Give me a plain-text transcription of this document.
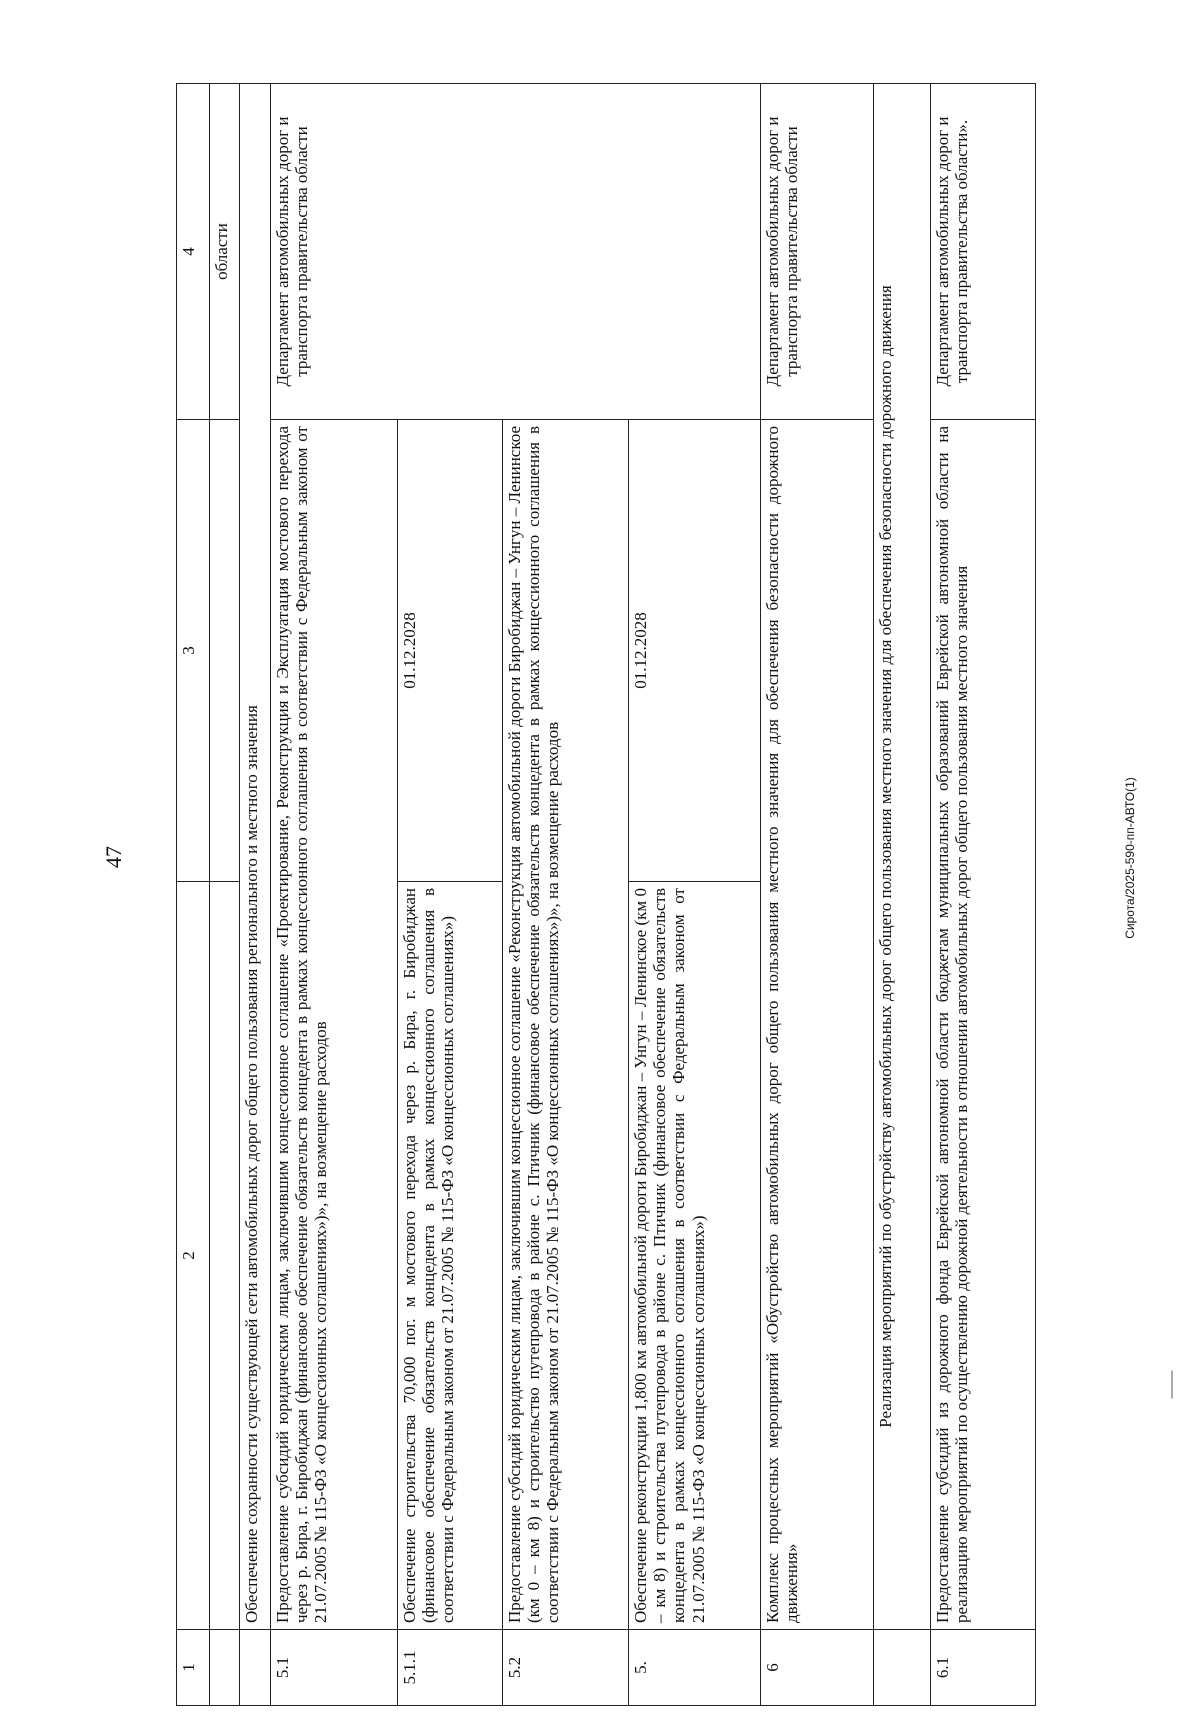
47
1	2	3	4
			области
	Обеспечение сохранности существующей сети автомобильных дорог общего пользования регионального и местного значения		
5.1	Предоставление субсидий юридическим лицам, заключившим концессионное соглашение «Проектирование, Реконструкция и Эксплуатация мостового перехода через р. Бира, г. Биробиджан (финансовое обеспечение обязательств концедента в рамках концессионного соглашения в соответствии с Федеральным законом от 21.07.2005 № 115-ФЗ «О концессионных соглашениях»)», на возмещение расходов		Департамент автомобильных дорог и транспорта правительства области
5.1.1	Обеспечение строительства 70,000 пог. м мостового перехода через р. Бира, г. Биробиджан (финансовое обеспечение обязательств концедента в рамках концессионного соглашения в соответствии с Федеральным законом от 21.07.2005 № 115-ФЗ «О концессионных соглашениях»)	01.12.2028	
5.2	Предоставление субсидий юридическим лицам, заключившим концессионное соглашение «Реконструкция автомобильной дороги Биробиджан – Унгун – Ленинское (км 0 – км 8) и строительство путепровода в районе с. Птичник (финансовое обеспечение обязательств концедента в рамках концессионного соглашения в соответствии с Федеральным законом от 21.07.2005 № 115-ФЗ «О концессионных соглашениях»)», на возмещение расходов		
5.	Обеспечение реконструкции 1,800 км автомобильной дороги Биробиджан – Унгун – Ленинское (км 0 – км 8) и строительства путепровода в районе с. Птичник (финансовое обеспечение обязательств концедента в рамках концессионного соглашения в соответствии с Федеральным законом от 21.07.2005 № 115-ФЗ «О концессионных соглашениях»)	01.12.2028	
6	Комплекс процессных мероприятий «Обустройство автомобильных дорог общего пользования местного значения для обеспечения безопасности дорожного движения»		Департамент автомобильных дорог и транспорта правительства области
	Реализация мероприятий по обустройству автомобильных дорог общего пользования местного значения для обеспечения безопасности дорожного движения		
6.1	Предоставление субсидий из дорожного фонда Еврейской автономной области бюджетам муниципальных образований Еврейской автономной области на реализацию мероприятий по осуществлению дорожной деятельности в отношении автомобильных дорог общего пользования местного значения		Департамент автомобильных дорог и транспорта правительства области».
Сирота/2025-590-пп-АВТО(1)
